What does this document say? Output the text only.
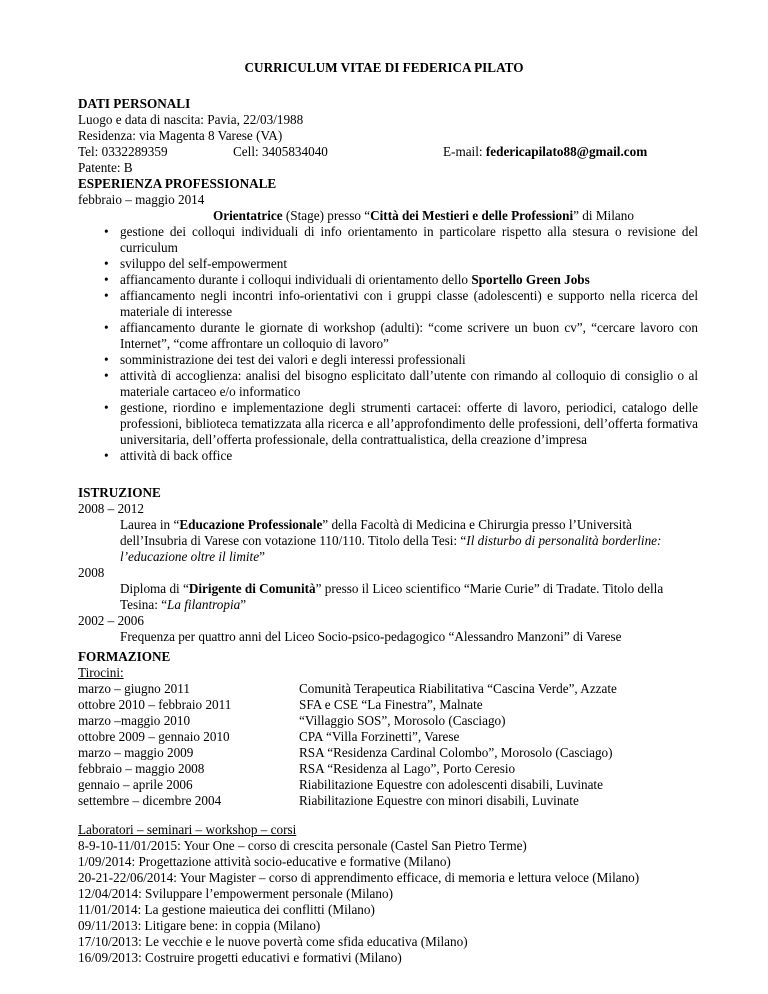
CURRICULUM VITAE DI FEDERICA PILATO
DATI PERSONALI
Luogo e data di nascita: Pavia, 22/03/1988
Residenza: via Magenta 8 Varese (VA)
Tel: 0332289359	Cell: 3405834040	E-mail: federicapilato88@gmail.com
Patente: B
ESPERIENZA PROFESSIONALE
febbraio – maggio 2014
Orientatrice (Stage) presso “Città dei Mestieri e delle Professioni” di Milano
• gestione dei colloqui individuali di info orientamento in particolare rispetto alla stesura o revisione del curriculum
• sviluppo del self-empowerment
• affiancamento durante i colloqui individuali di orientamento dello Sportello Green Jobs
• affiancamento negli incontri info-orientativi con i gruppi classe (adolescenti) e supporto nella ricerca del materiale di interesse
• affiancamento durante le giornate di workshop (adulti): “come scrivere un buon cv”, “cercare lavoro con Internet”, “come affrontare un colloquio di lavoro”
• somministrazione dei test dei valori e degli interessi professionali
• attività di accoglienza: analisi del bisogno esplicitato dall’utente con rimando al colloquio di consiglio o al materiale cartaceo e/o informatico
• gestione, riordino e implementazione degli strumenti cartacei: offerte di lavoro, periodici, catalogo delle professioni, biblioteca tematizzata alla ricerca e all’approfondimento delle professioni, dell’offerta formativa universitaria, dell’offerta professionale, della contrattualistica, della creazione d’impresa
• attività di back office
ISTRUZIONE
2008 – 2012
Laurea in “Educazione Professionale” della Facoltà di Medicina e Chirurgia presso l’Università dell’Insubria di Varese con votazione 110/110. Titolo della Tesi: “Il disturbo di personalità borderline: l’educazione oltre il limite”
2008
Diploma di “Dirigente di Comunità” presso il Liceo scientifico “Marie Curie” di Tradate. Titolo della Tesina: “La filantropia”
2002 – 2006
Frequenza per quattro anni del Liceo Socio-psico-pedagogico “Alessandro Manzoni” di Varese
FORMAZIONE
Tirocini:
marzo – giugno 2011	Comunità Terapeutica Riabilitativa “Cascina Verde”, Azzate
ottobre 2010 – febbraio 2011	SFA e CSE “La Finestra”, Malnate
marzo –maggio 2010	“Villaggio SOS”, Morosolo (Casciago)
ottobre 2009 – gennaio 2010	CPA “Villa Forzinetti”, Varese
marzo – maggio 2009	RSA “Residenza Cardinal Colombo”, Morosolo (Casciago)
febbraio – maggio 2008	RSA “Residenza al Lago”, Porto Ceresio
gennaio – aprile 2006	Riabilitazione Equestre con adolescenti disabili, Luvinate
settembre – dicembre 2004	Riabilitazione Equestre con minori disabili, Luvinate
Laboratori – seminari – workshop – corsi
8-9-10-11/01/2015: Your One – corso di crescita personale (Castel San Pietro Terme)
1/09/2014: Progettazione attività socio-educative e formative (Milano)
20-21-22/06/2014: Your Magister – corso di apprendimento efficace, di memoria e lettura veloce (Milano)
12/04/2014: Sviluppare l’empowerment personale (Milano)
11/01/2014: La gestione maieutica dei conflitti (Milano)
09/11/2013: Litigare bene: in coppia (Milano)
17/10/2013: Le vecchie e le nuove povertà come sfida educativa (Milano)
16/09/2013: Costruire progetti educativi e formativi (Milano)
